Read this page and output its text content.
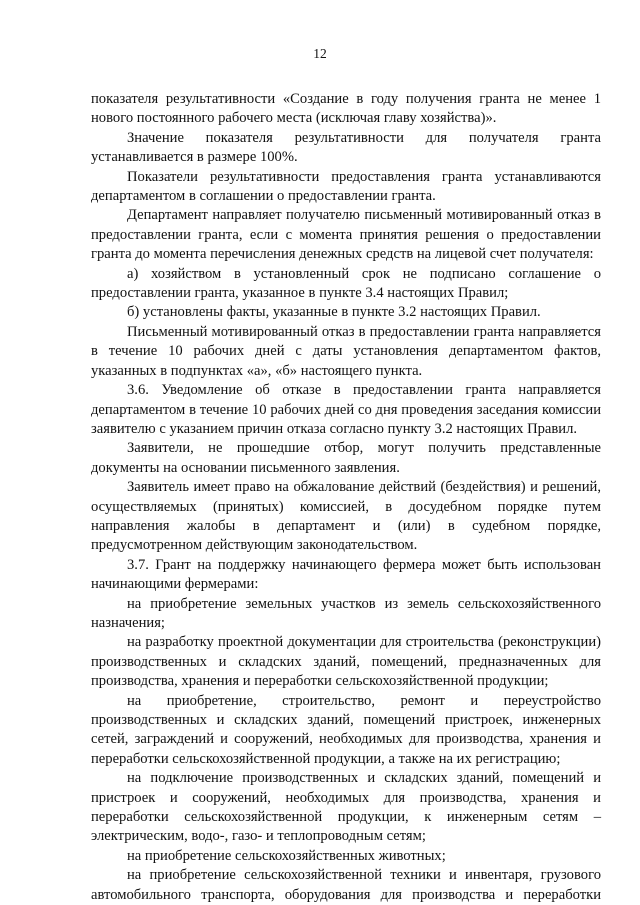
12

показателя результативности «Создание в году получения гранта не менее 1 нового постоянного рабочего места (исключая главу хозяйства)».

Значение показателя результативности для получателя гранта устанавливается в размере 100%.

Показатели результативности предоставления гранта устанавливаются департаментом в соглашении о предоставлении гранта.

Департамент направляет получателю письменный мотивированный отказ в предоставлении гранта, если с момента принятия решения о предоставлении гранта до момента перечисления денежных средств на лицевой счет получателя:

а) хозяйством в установленный срок не подписано соглашение о предоставлении гранта, указанное в пункте 3.4 настоящих Правил;

б) установлены факты, указанные в пункте 3.2 настоящих Правил.

Письменный мотивированный отказ в предоставлении гранта направляется в течение 10 рабочих дней с даты установления департаментом фактов, указанных в подпунктах «а», «б» настоящего пункта.

3.6. Уведомление об отказе в предоставлении гранта направляется департаментом в течение 10 рабочих дней со дня проведения заседания комиссии заявителю с указанием причин отказа согласно пункту 3.2 настоящих Правил.

Заявители, не прошедшие отбор, могут получить представленные документы на основании письменного заявления.

Заявитель имеет право на обжалование действий (бездействия) и решений, осуществляемых (принятых) комиссией, в досудебном порядке путем направления жалобы в департамент и (или) в судебном порядке, предусмотренном действующим законодательством.

3.7. Грант на поддержку начинающего фермера может быть использован начинающими фермерами:

на приобретение земельных участков из земель сельскохозяйственного назначения;

на разработку проектной документации для строительства (реконструкции) производственных и складских зданий, помещений, предназначенных для производства, хранения и переработки сельскохозяйственной продукции;

на приобретение, строительство, ремонт и переустройство производственных и складских зданий, помещений пристроек, инженерных сетей, заграждений и сооружений, необходимых для производства, хранения и переработки сельскохозяйственной продукции, а также на их регистрацию;

на подключение производственных и складских зданий, помещений и пристроек и сооружений, необходимых для производства, хранения и переработки сельскохозяйственной продукции, к инженерным сетям – электрическим, водо-, газо- и теплопроводным сетям;

на приобретение сельскохозяйственных животных;

на приобретение сельскохозяйственной техники и инвентаря, грузового автомобильного транспорта, оборудования для производства и переработки
